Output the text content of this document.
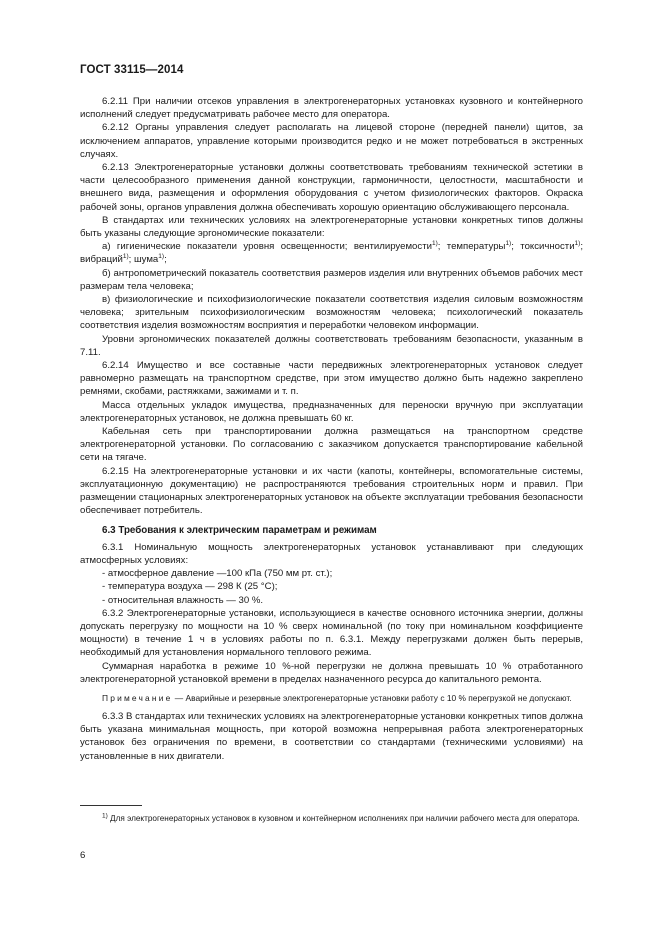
ГОСТ 33115—2014

6.2.11 При наличии отсеков управления в электрогенераторных установках кузовного и контейнерного исполнений следует предусматривать рабочее место для оператора.

6.2.12 Органы управления следует располагать на лицевой стороне (передней панели) щитов, за исключением аппаратов, управление которыми производится редко и не может потребоваться в экстренных случаях.

6.2.13 Электрогенераторные установки должны соответствовать требованиям технической эстетики в части целесообразного применения данной конструкции, гармоничности, целостности, масштабности и внешнего вида, размещения и оформления оборудования с учетом физиологических факторов. Окраска рабочей зоны, органов управления должна обеспечивать хорошую ориентацию обслуживающего персонала.

В стандартах или технических условиях на электрогенераторные установки конкретных типов должны быть указаны следующие эргономические показатели:

а) гигиенические показатели уровня освещенности; вентилируемости$^{1)}$; температуры$^{1)}$; токсичности$^{1)}$; вибраций$^{1)}$; шума$^{1)}$;

б) антропометрический показатель соответствия размеров изделия или внутренних объемов рабочих мест размерам тела человека;

в) физиологические и психофизиологические показатели соответствия изделия силовым возможностям человека; зрительным психофизиологическим возможностям человека; психологический показатель соответствия изделия возможностям восприятия и переработки человеком информации.

Уровни эргономических показателей должны соответствовать требованиям безопасности, указанным в 7.11.

6.2.14 Имущество и все составные части передвижных электрогенераторных установок следует равномерно размещать на транспортном средстве, при этом имущество должно быть надежно закреплено ремнями, скобами, растяжками, зажимами и т. п.

Масса отдельных укладок имущества, предназначенных для переноски вручную при эксплуатации электрогенераторных установок, не должна превышать 60 кг.

Кабельная сеть при транспортировании должна размещаться на транспортном средстве электрогенераторной установки. По согласованию с заказчиком допускается транспортирование кабельной сети на тягаче.

6.2.15 На электрогенераторные установки и их части (капоты, контейнеры, вспомогательные системы, эксплуатационную документацию) не распространяются требования строительных норм и правил. При размещении стационарных электрогенераторных установок на объекте эксплуатации требования безопасности обеспечивает потребитель.

6.3 Требования к электрическим параметрам и режимам

6.3.1 Номинальную мощность электрогенераторных установок устанавливают при следующих атмосферных условиях:

- атмосферное давление —100 кПа (750 мм рт. ст.);

- температура воздуха — 298 К (25 °С);

- относительная влажность — 30 %.

6.3.2 Электрогенераторные установки, использующиеся в качестве основного источника энергии, должны допускать перегрузку по мощности на 10 % сверх номинальной (по току при номинальном коэффициенте мощности) в течение 1 ч в условиях работы по п. 6.3.1. Между перегрузками должен быть перерыв, необходимый для установления нормального теплового режима.

Суммарная наработка в режиме 10 %-ной перегрузки не должна превышать 10 % отработанного электрогенераторной установкой времени в пределах назначенного ресурса до капитального ремонта.

Примечание — Аварийные и резервные электрогенераторные установки работу с 10 % перегрузкой не допускают.

6.3.3 В стандартах или технических условиях на электрогенераторные установки конкретных типов должна быть указана минимальная мощность, при которой возможна непрерывная работа электрогенераторных установок без ограничения по времени, в соответствии со стандартами (техническими условиями) на установленные в них двигатели.

$^{1)}$ Для электрогенераторных установок в кузовном и контейнерном исполнениях при наличии рабочего места для оператора.
6
